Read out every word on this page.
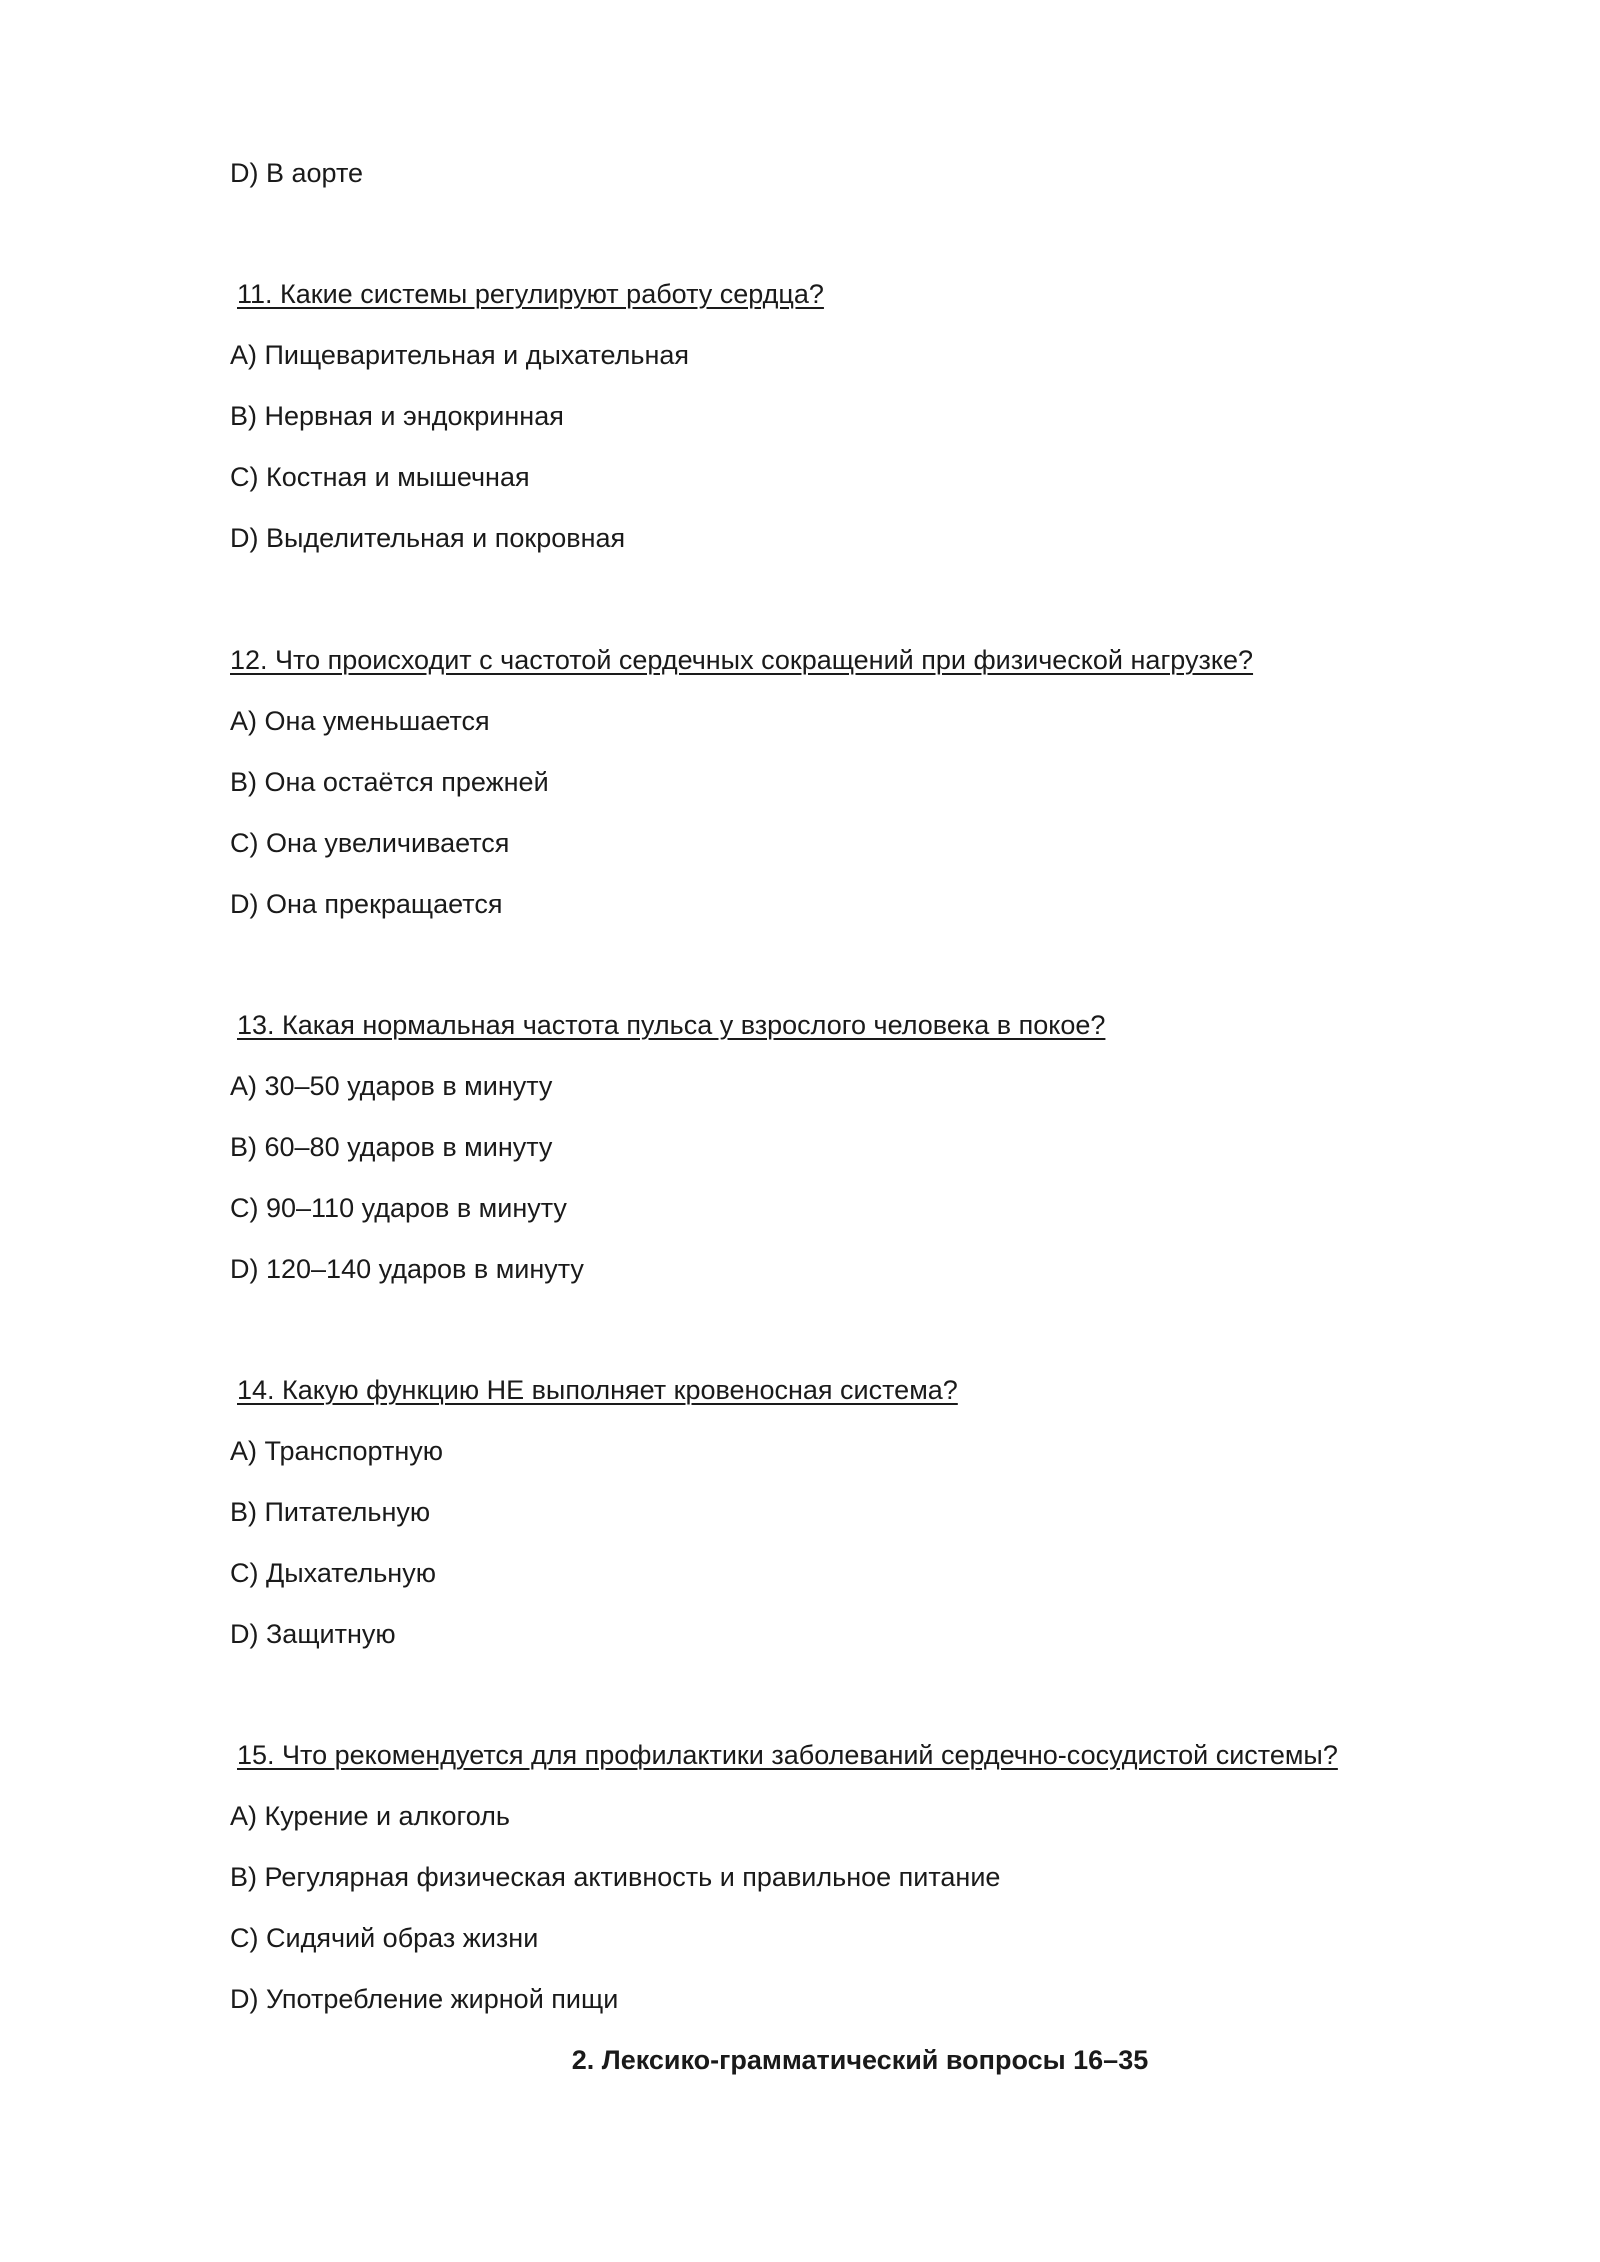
D) В аорте
11. Какие системы регулируют работу сердца?
A) Пищеварительная и дыхательная
B) Нервная и эндокринная
C) Костная и мышечная
D) Выделительная и покровная
12. Что происходит с частотой сердечных сокращений при физической нагрузке?
A) Она уменьшается
B) Она остаётся прежней
C) Она увеличивается
D) Она прекращается
13. Какая нормальная частота пульса у взрослого человека в покое?
A) 30–50 ударов в минуту
B) 60–80 ударов в минуту
C) 90–110 ударов в минуту
D) 120–140 ударов в минуту
14. Какую функцию НЕ выполняет кровеносная система?
A) Транспортную
B) Питательную
C) Дыхательную
D) Защитную
15. Что рекомендуется для профилактики заболеваний сердечно-сосудистой системы?
A) Курение и алкоголь
B) Регулярная физическая активность и правильное питание
C) Сидячий образ жизни
D) Употребление жирной пищи
2. Лексико-грамматический вопросы 16–35
